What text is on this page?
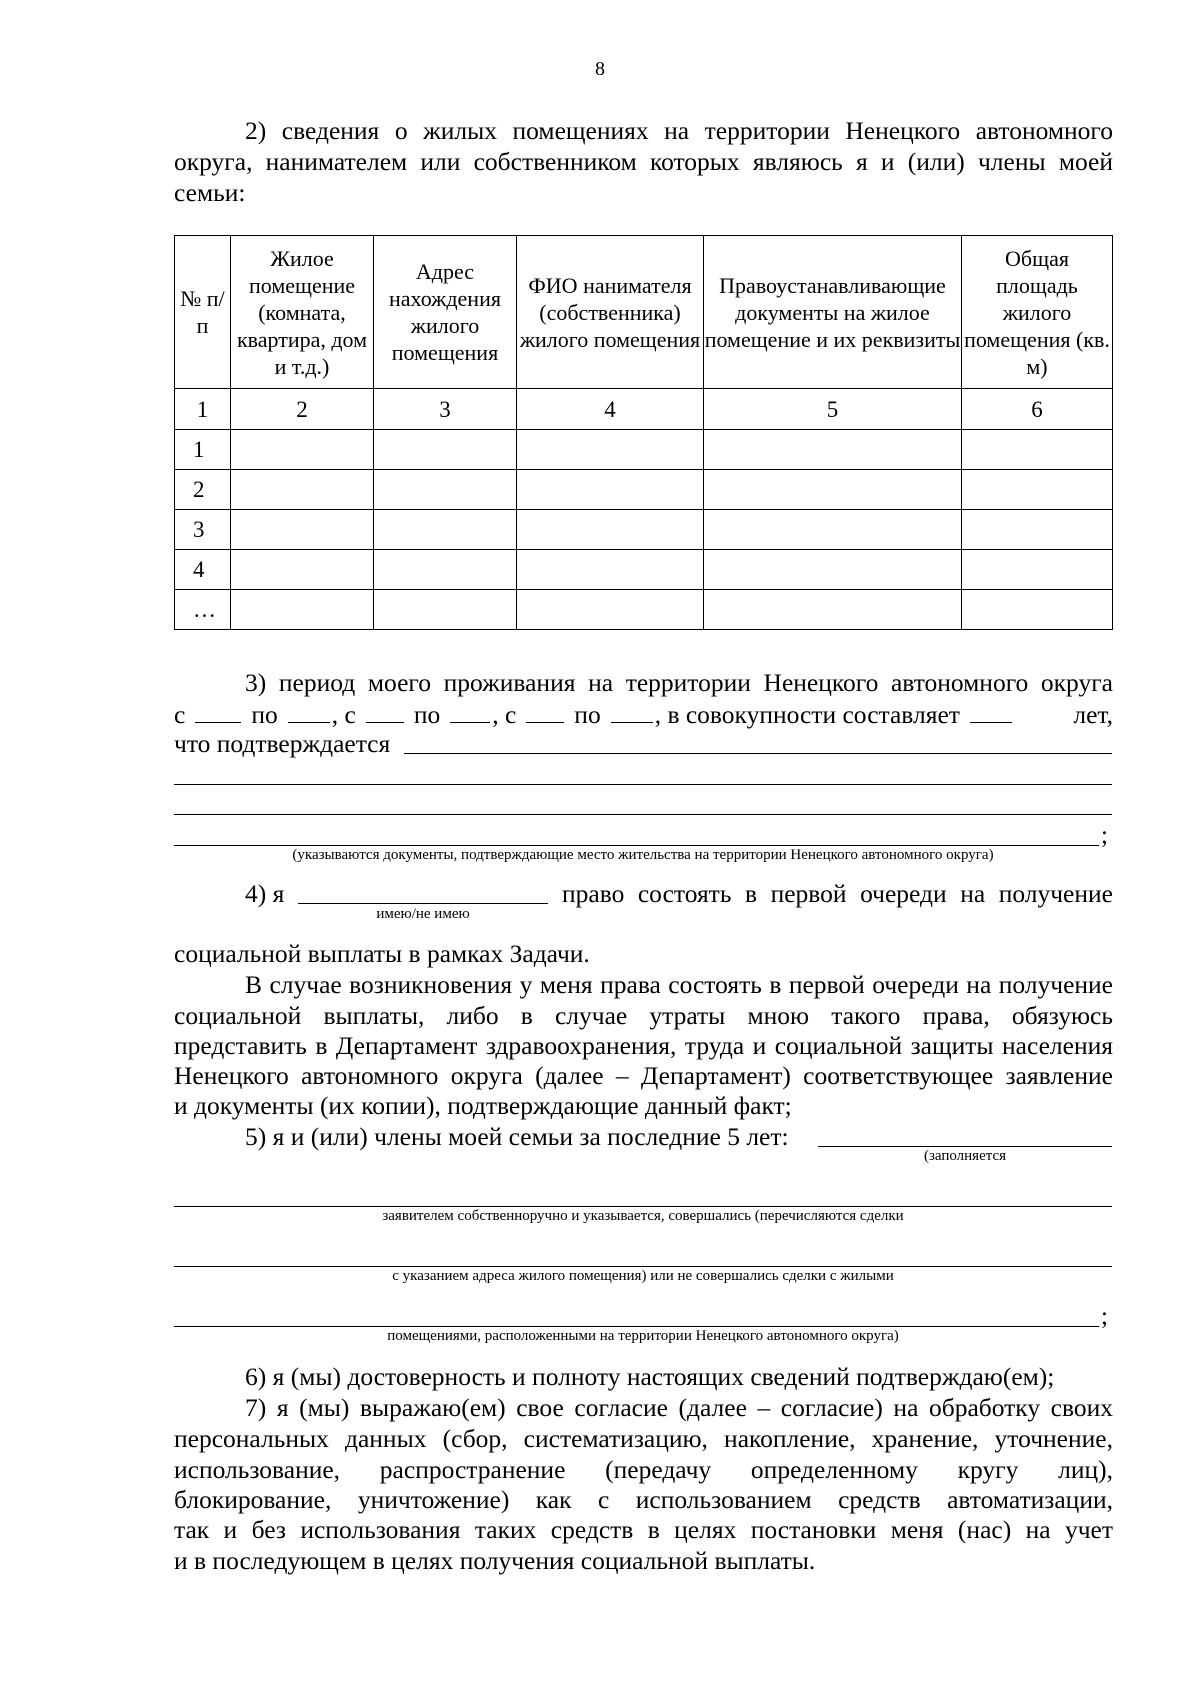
8
2) сведения о жилых помещениях на территории Ненецкого автономного
округа, нанимателем или собственником которых являюсь я и (или) члены моей
семьи:
№ п/п	Жилое помещение (комната, квартира, дом и т.д.)	Адрес нахождения жилого помещения	ФИО нанимателя (собственника) жилого помещения	Правоустанавливающие документы на жилое помещение и их реквизиты	Общая площадь жилого помещения (кв. м)
1	2	3	4	5	6
1					
2					
3					
4					
…					
3) период моего проживания на территории Ненецкого автономного округа
с	по , с по , с по , в совокупности составляет	лет,
что подтверждается
;
(указываются документы, подтверждающие место жительства на территории Ненецкого автономного округа)
4) я	право состоять в первой очереди на получение
имею/не имею
социальной выплаты в рамках Задачи.
В случае возникновения у меня права состоять в первой очереди на получение
социальной выплаты, либо в случае утраты мною такого права, обязуюсь
представить в Департамент здравоохранения, труда и социальной защиты населения
Ненецкого автономного округа (далее – Департамент) соответствующее заявление
и документы (их копии), подтверждающие данный факт;
5) я и (или) члены моей семьи за последние 5 лет:
(заполняется
заявителем собственноручно и указывается, совершались (перечисляются сделки
с указанием адреса жилого помещения) или не совершались сделки с жилыми
;
помещениями, расположенными на территории Ненецкого автономного округа)
6) я (мы) достоверность и полноту настоящих сведений подтверждаю(ем);
7) я (мы) выражаю(ем) свое согласие (далее – согласие) на обработку своих
персональных данных (сбор, систематизацию, накопление, хранение, уточнение,
использование, распространение (передачу определенному кругу лиц),
блокирование, уничтожение) как с использованием средств автоматизации,
так и без использования таких средств в целях постановки меня (нас) на учет
и в последующем в целях получения социальной выплаты.
